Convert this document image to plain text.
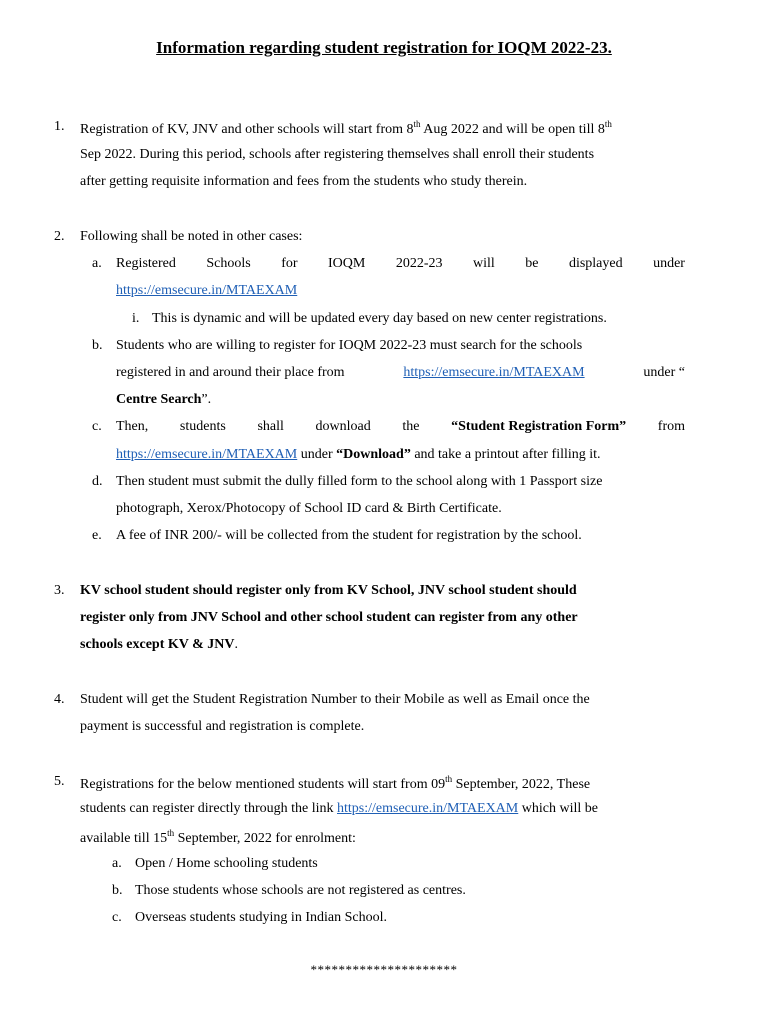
Information regarding student registration for IOQM 2022-23.
1.	Registration of KV, JNV and other schools will start from 8th Aug 2022 and will be open till 8th
Sep 2022. During this period, schools after registering themselves shall enroll their students
after getting requisite information and fees from the students who study therein.
2.	Following shall be noted in other cases:
a.	Registered Schools for IOQM 2022-23 will be displayed under
https://emsecure.in/MTAEXAM
i. This is dynamic and will be updated every day based on new center registrations.
b. Students who are willing to register for IOQM 2022-23 must search for the schools
registered in and around their place from	https://emsecure.in/MTAEXAM	under “
Centre Search”.
c.	Then, students shall download the “Student Registration Form” from
https://emsecure.in/MTAEXAM under “Download” and take a printout after filling it.
d. Then student must submit the dully filled form to the school along with 1 Passport size
photograph, Xerox/Photocopy of School ID card & Birth Certificate.
e.	A fee of INR 200/- will be collected from the student for registration by the school.
3.	KV school student should register only from KV School, JNV school student should
register only from JNV School and other school student can register from any other
schools except KV & JNV.
4.	Student will get the Student Registration Number to their Mobile as well as Email once the
payment is successful and registration is complete.
5.	Registrations for the below mentioned students will start from 09th September, 2022, These
students can register directly through the link https://emsecure.in/MTAEXAM which will be
available till 15th September, 2022 for enrolment:
a. Open / Home schooling students
b. Those students whose schools are not registered as centres.
c. Overseas students studying in Indian School.
*********************
